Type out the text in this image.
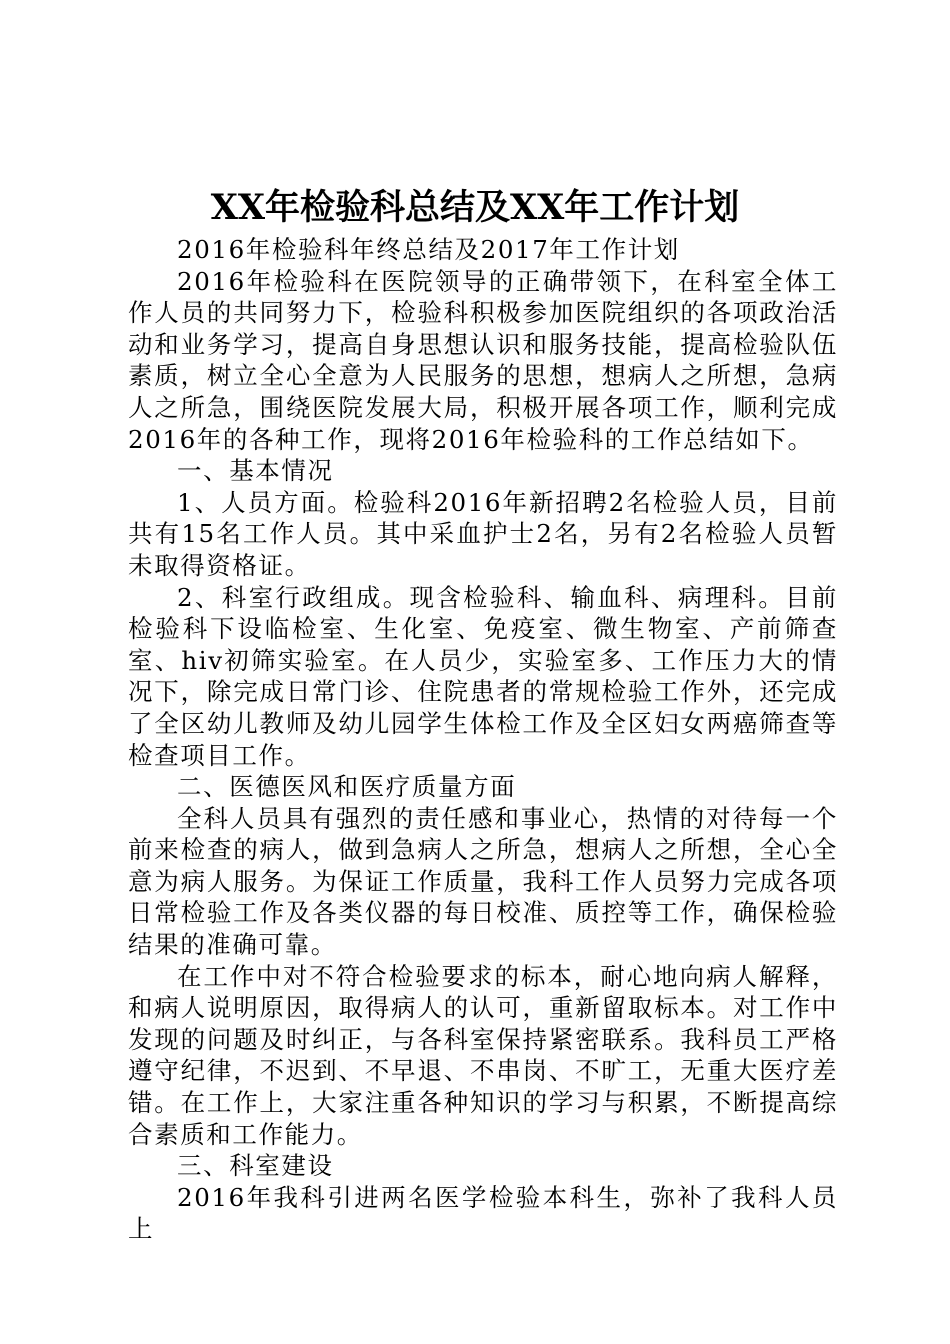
XX年检验科总结及XX年工作计划

2016年检验科年终总结及2017年工作计划

2016年检验科在医院领导的正确带领下，在科室全体工作人员的共同努力下，检验科积极参加医院组织的各项政治活动和业务学习，提高自身思想认识和服务技能，提高检验队伍素质，树立全心全意为人民服务的思想，想病人之所想，急病人之所急，围绕医院发展大局，积极开展各项工作，顺利完成2016年的各种工作，现将2016年检验科的工作总结如下。

一、基本情况

1、人员方面。检验科2016年新招聘2名检验人员，目前共有15名工作人员。其中采血护士2名，另有2名检验人员暂未取得资格证。

2、科室行政组成。现含检验科、输血科、病理科。目前检验科下设临检室、生化室、免疫室、微生物室、产前筛查室、hiv初筛实验室。在人员少，实验室多、工作压力大的情况下，除完成日常门诊、住院患者的常规检验工作外，还完成了全区幼儿教师及幼儿园学生体检工作及全区妇女两癌筛查等检查项目工作。

二、医德医风和医疗质量方面

全科人员具有强烈的责任感和事业心，热情的对待每一个前来检查的病人，做到急病人之所急，想病人之所想，全心全意为病人服务。为保证工作质量，我科工作人员努力完成各项日常检验工作及各类仪器的每日校准、质控等工作，确保检验结果的准确可靠。

在工作中对不符合检验要求的标本，耐心地向病人解释，和病人说明原因，取得病人的认可，重新留取标本。对工作中发现的问题及时纠正，与各科室保持紧密联系。我科员工严格遵守纪律，不迟到、不早退、不串岗、不旷工，无重大医疗差错。在工作上，大家注重各种知识的学习与积累，不断提高综合素质和工作能力。

三、科室建设

2016年我科引进两名医学检验本科生，弥补了我科人员上
